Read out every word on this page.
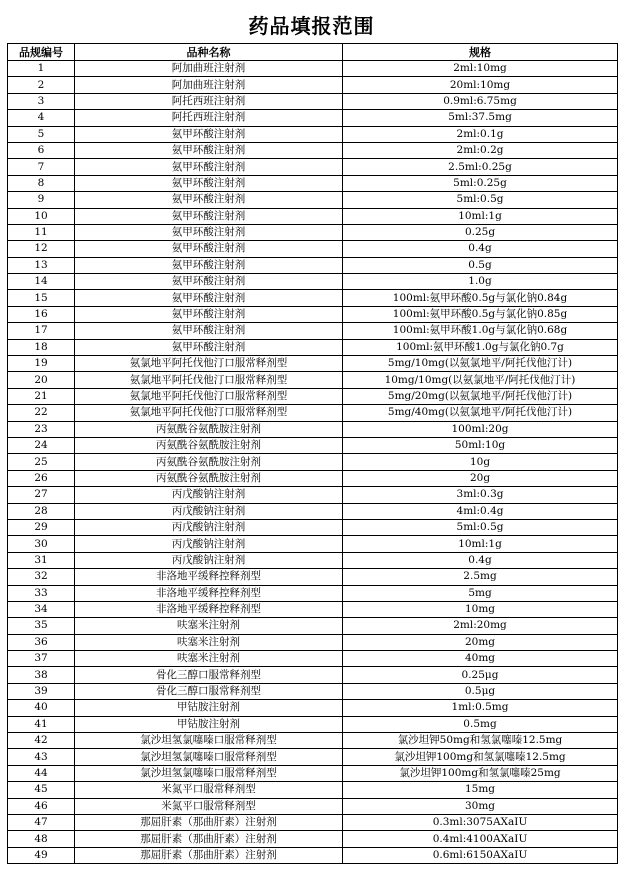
药品填报范围
品规编号	品种名称	规格
1	阿加曲班注射剂	2ml:10mg
2	阿加曲班注射剂	20ml:10mg
3	阿托西班注射剂	0.9ml:6.75mg
4	阿托西班注射剂	5ml:37.5mg
5	氨甲环酸注射剂	2ml:0.1g
6	氨甲环酸注射剂	2ml:0.2g
7	氨甲环酸注射剂	2.5ml:0.25g
8	氨甲环酸注射剂	5ml:0.25g
9	氨甲环酸注射剂	5ml:0.5g
10	氨甲环酸注射剂	10ml:1g
11	氨甲环酸注射剂	0.25g
12	氨甲环酸注射剂	0.4g
13	氨甲环酸注射剂	0.5g
14	氨甲环酸注射剂	1.0g
15	氨甲环酸注射剂	100ml:氨甲环酸0.5g与氯化钠0.84g
16	氨甲环酸注射剂	100ml:氨甲环酸0.5g与氯化钠0.85g
17	氨甲环酸注射剂	100ml:氨甲环酸1.0g与氯化钠0.68g
18	氨甲环酸注射剂	100ml:氨甲环酸1.0g与氯化钠0.7g
19	氨氯地平阿托伐他汀口服常释剂型	5mg/10mg(以氨氯地平/阿托伐他汀计)
20	氨氯地平阿托伐他汀口服常释剂型	10mg/10mg(以氨氯地平/阿托伐他汀计)
21	氨氯地平阿托伐他汀口服常释剂型	5mg/20mg(以氨氯地平/阿托伐他汀计)
22	氨氯地平阿托伐他汀口服常释剂型	5mg/40mg(以氨氯地平/阿托伐他汀计)
23	丙氨酰谷氨酰胺注射剂	100ml:20g
24	丙氨酰谷氨酰胺注射剂	50ml:10g
25	丙氨酰谷氨酰胺注射剂	10g
26	丙氨酰谷氨酰胺注射剂	20g
27	丙戊酸钠注射剂	3ml:0.3g
28	丙戊酸钠注射剂	4ml:0.4g
29	丙戊酸钠注射剂	5ml:0.5g
30	丙戊酸钠注射剂	10ml:1g
31	丙戊酸钠注射剂	0.4g
32	非洛地平缓释控释剂型	2.5mg
33	非洛地平缓释控释剂型	5mg
34	非洛地平缓释控释剂型	10mg
35	呋塞米注射剂	2ml:20mg
36	呋塞米注射剂	20mg
37	呋塞米注射剂	40mg
38	骨化三醇口服常释剂型	0.25μg
39	骨化三醇口服常释剂型	0.5μg
40	甲钴胺注射剂	1ml:0.5mg
41	甲钴胺注射剂	0.5mg
42	氯沙坦氢氯噻嗪口服常释剂型	氯沙坦钾50mg和氢氯噻嗪12.5mg
43	氯沙坦氢氯噻嗪口服常释剂型	氯沙坦钾100mg和氢氯噻嗪12.5mg
44	氯沙坦氢氯噻嗪口服常释剂型	氯沙坦钾100mg和氢氯噻嗪25mg
45	米氮平口服常释剂型	15mg
46	米氮平口服常释剂型	30mg
47	那屈肝素（那曲肝素）注射剂	0.3ml:3075AXaIU
48	那屈肝素（那曲肝素）注射剂	0.4ml:4100AXaIU
49	那屈肝素（那曲肝素）注射剂	0.6ml:6150AXaIU
